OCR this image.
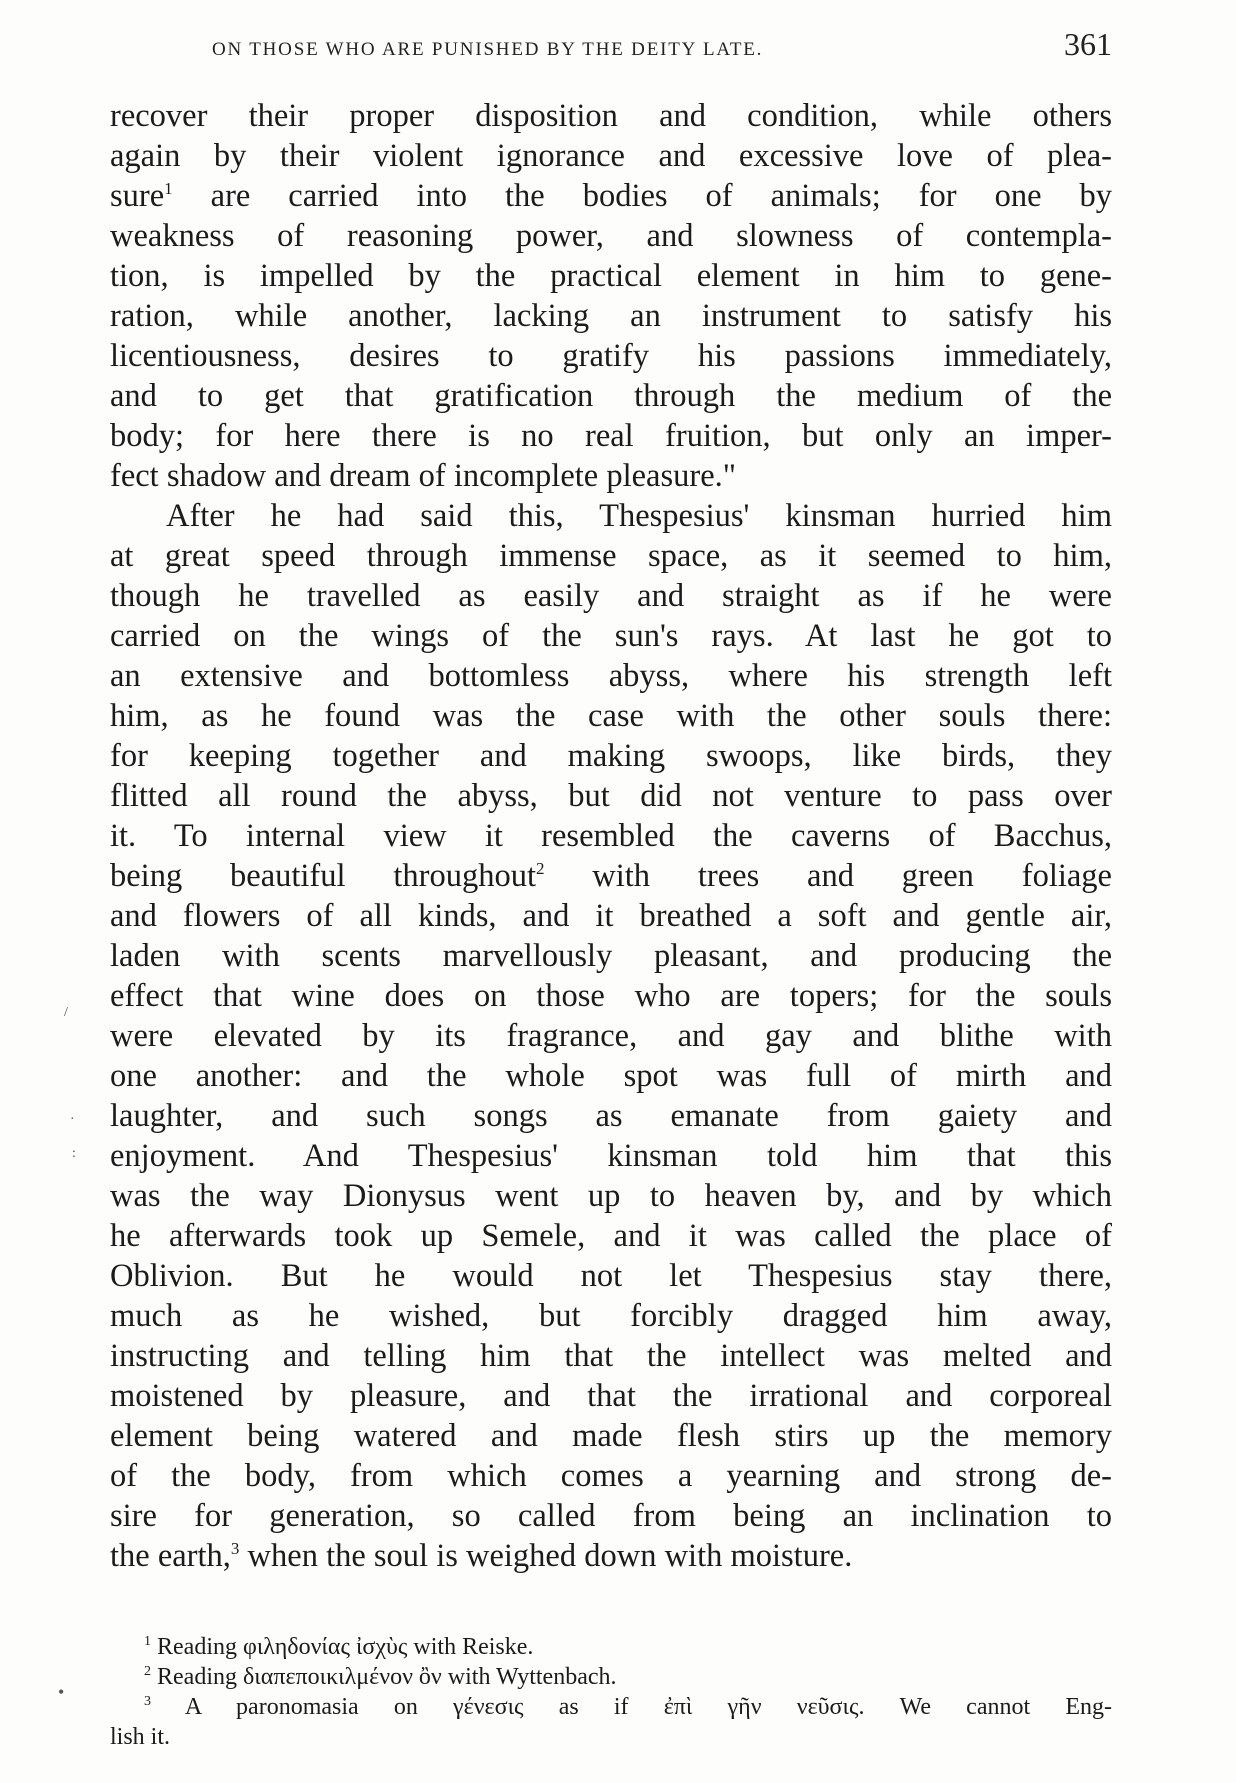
ON THOSE WHO ARE PUNISHED BY THE DEITY LATE.	361
recover their proper disposition and condition, while others
again by their violent ignorance and excessive love of plea-
sure$^1$ are carried into the bodies of animals; for one by
weakness of reasoning power, and slowness of contempla-
tion, is impelled by the practical element in him to gene-
ration, while another, lacking an instrument to satisfy his
licentiousness, desires to gratify his passions immediately,
and to get that gratification through the medium of the
body; for here there is no real fruition, but only an imper-
fect shadow and dream of incomplete pleasure."
After he had said this, Thespesius' kinsman hurried him
at great speed through immense space, as it seemed to him,
though he travelled as easily and straight as if he were
carried on the wings of the sun's rays. At last he got to
an extensive and bottomless abyss, where his strength left
him, as he found was the case with the other souls there:
for keeping together and making swoops, like birds, they
flitted all round the abyss, but did not venture to pass over
it. To internal view it resembled the caverns of Bacchus,
being beautiful throughout$^2$ with trees and green foliage
and flowers of all kinds, and it breathed a soft and gentle air,
laden with scents marvellously pleasant, and producing the
effect that wine does on those who are topers; for the souls
were elevated by its fragrance, and gay and blithe with
one another: and the whole spot was full of mirth and
laughter, and such songs as emanate from gaiety and
enjoyment. And Thespesius' kinsman told him that this
was the way Dionysus went up to heaven by, and by which
he afterwards took up Semele, and it was called the place of
Oblivion. But he would not let Thespesius stay there,
much as he wished, but forcibly dragged him away,
instructing and telling him that the intellect was melted and
moistened by pleasure, and that the irrational and corporeal
element being watered and made flesh stirs up the memory
of the body, from which comes a yearning and strong de-
sire for generation, so called from being an inclination to
the earth,$^3$ when the soul is weighed down with moisture.
$^1$ Reading φιληδονίας ἰσχὺς with Reiske.
$^2$ Reading διαπεποικιλμένον ὂν with Wyttenbach.
$^3$ A paronomasia on γένεσις as if ἐπὶ γῆν νεῦσις. We cannot Eng-
lish it.
/
·
:
•
